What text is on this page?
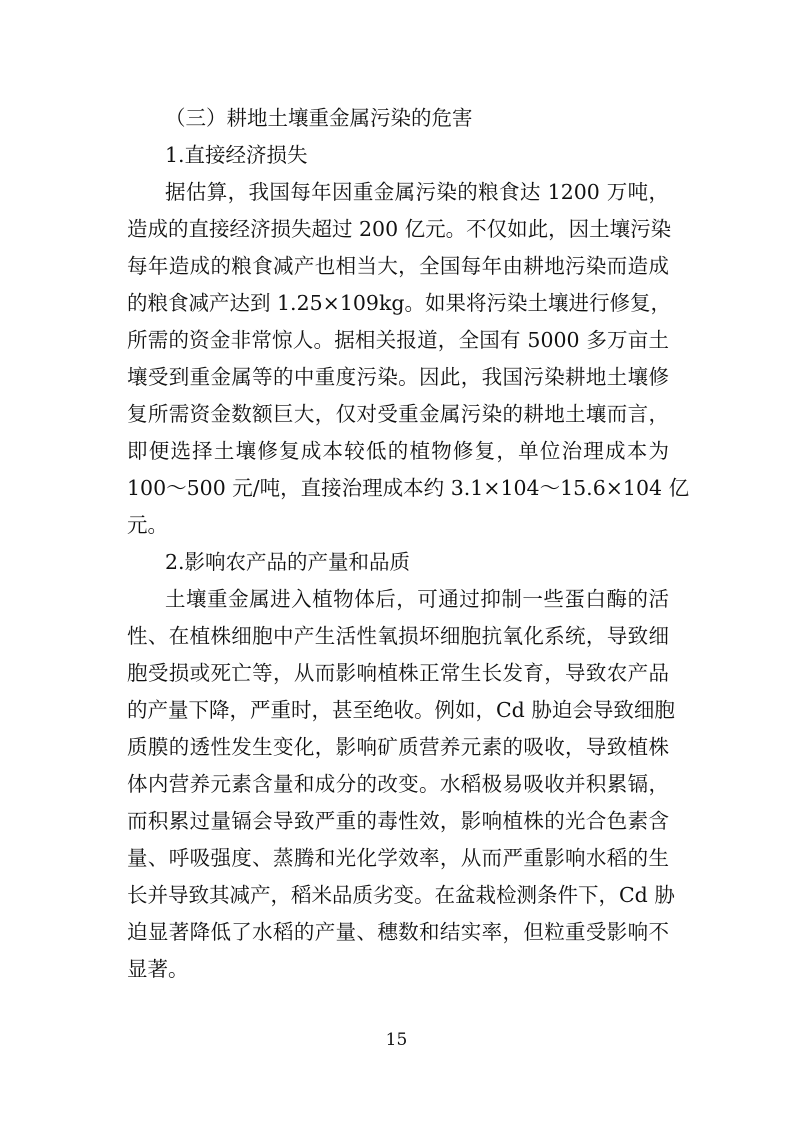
（三）耕地土壤重金属污染的危害
1.直接经济损失
据估算，我国每年因重金属污染的粮食达 1200 万吨，
造成的直接经济损失超过 200 亿元。不仅如此，因土壤污染
每年造成的粮食减产也相当大，全国每年由耕地污染而造成
的粮食减产达到 1.25×109kg。如果将污染土壤进行修复，
所需的资金非常惊人。据相关报道，全国有 5000 多万亩土
壤受到重金属等的中重度污染。因此，我国污染耕地土壤修
复所需资金数额巨大，仅对受重金属污染的耕地土壤而言，
即便选择土壤修复成本较低的植物修复，单位治理成本为
100～500 元/吨，直接治理成本约 3.1×104～15.6×104 亿
元。
2.影响农产品的产量和品质
土壤重金属进入植物体后，可通过抑制一些蛋白酶的活
性、在植株细胞中产生活性氧损坏细胞抗氧化系统，导致细
胞受损或死亡等，从而影响植株正常生长发育，导致农产品
的产量下降，严重时，甚至绝收。例如，Cd 胁迫会导致细胞
质膜的透性发生变化，影响矿质营养元素的吸收，导致植株
体内营养元素含量和成分的改变。水稻极易吸收并积累镉，
而积累过量镉会导致严重的毒性效，影响植株的光合色素含
量、呼吸强度、蒸腾和光化学效率，从而严重影响水稻的生
长并导致其减产，稻米品质劣变。在盆栽检测条件下，Cd 胁
迫显著降低了水稻的产量、穗数和结实率，但粒重受影响不
显著。
15
